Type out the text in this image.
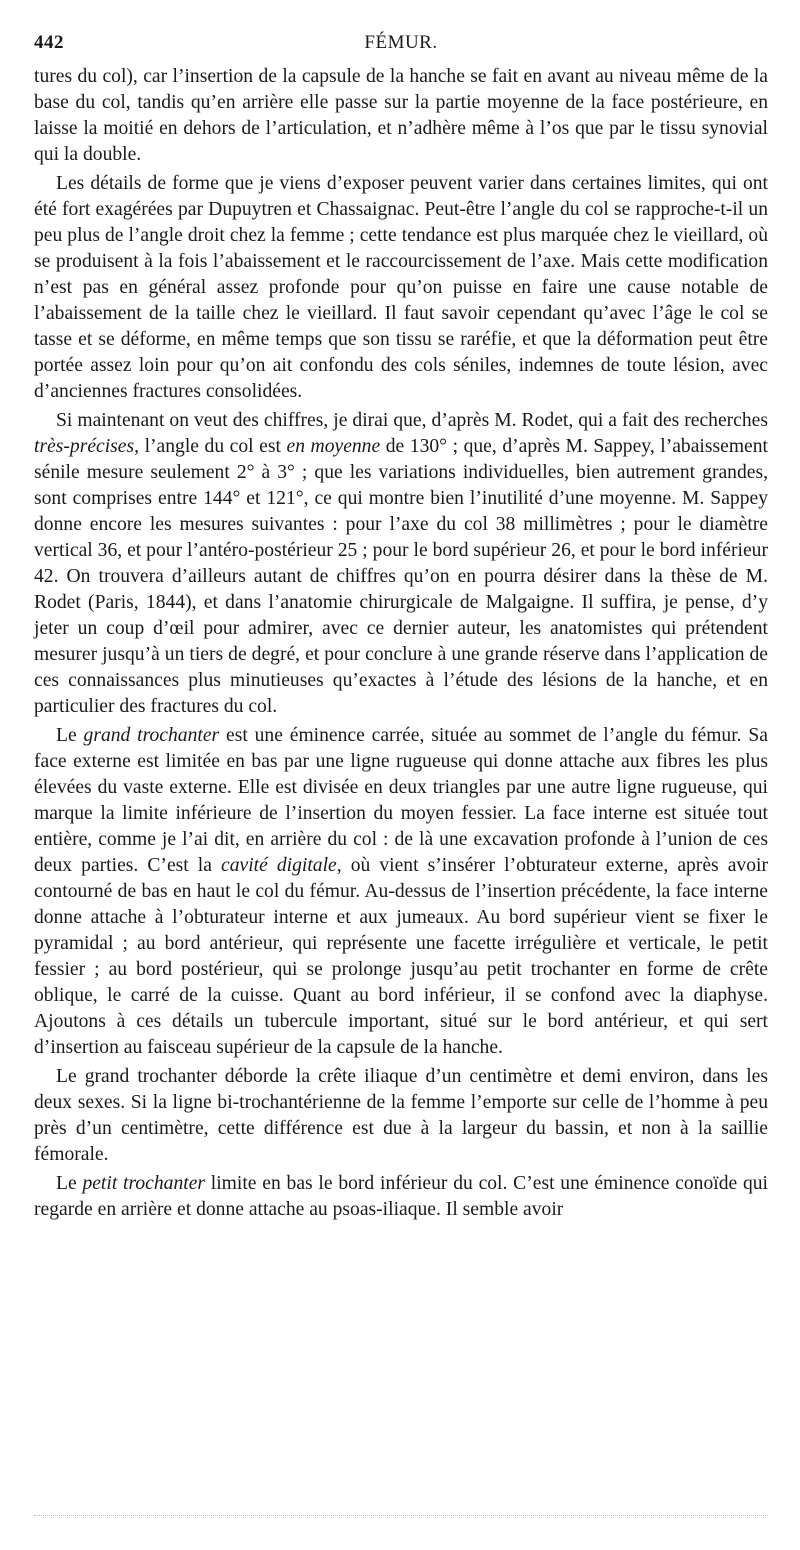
442	FÉMUR.

tures du col), car l’insertion de la capsule de la hanche se fait en avant au niveau même de la base du col, tandis qu’en arrière elle passe sur la partie moyenne de la face postérieure, en laisse la moitié en dehors de l’articulation, et n’adhère même à l’os que par le tissu synovial qui la double.

Les détails de forme que je viens d’exposer peuvent varier dans certaines limites, qui ont été fort exagérées par Dupuytren et Chassaignac. Peut-être l’angle du col se rapproche-t-il un peu plus de l’angle droit chez la femme ; cette tendance est plus marquée chez le vieillard, où se produisent à la fois l’abaissement et le raccourcissement de l’axe. Mais cette modification n’est pas en général assez profonde pour qu’on puisse en faire une cause notable de l’abaissement de la taille chez le vieillard. Il faut savoir cependant qu’avec l’âge le col se tasse et se déforme, en même temps que son tissu se raréfie, et que la déformation peut être portée assez loin pour qu’on ait confondu des cols séniles, indemnes de toute lésion, avec d’anciennes fractures consolidées.

Si maintenant on veut des chiffres, je dirai que, d’après M. Rodet, qui a fait des recherches très-précises, l’angle du col est en moyenne de 130° ; que, d’après M. Sappey, l’abaissement sénile mesure seulement 2° à 3° ; que les variations individuelles, bien autrement grandes, sont comprises entre 144° et 121°, ce qui montre bien l’inutilité d’une moyenne. M. Sappey donne encore les mesures suivantes : pour l’axe du col 38 millimètres ; pour le diamètre vertical 36, et pour l’antéro-postérieur 25 ; pour le bord supérieur 26, et pour le bord inférieur 42. On trouvera d’ailleurs autant de chiffres qu’on en pourra désirer dans la thèse de M. Rodet (Paris, 1844), et dans l’anatomie chirurgicale de Malgaigne. Il suffira, je pense, d’y jeter un coup d’œil pour admirer, avec ce dernier auteur, les anatomistes qui prétendent mesurer jusqu’à un tiers de degré, et pour conclure à une grande réserve dans l’application de ces connaissances plus minutieuses qu’exactes à l’étude des lésions de la hanche, et en particulier des fractures du col.

Le grand trochanter est une éminence carrée, située au sommet de l’angle du fémur. Sa face externe est limitée en bas par une ligne rugueuse qui donne attache aux fibres les plus élevées du vaste externe. Elle est divisée en deux triangles par une autre ligne rugueuse, qui marque la limite inférieure de l’insertion du moyen fessier. La face interne est située tout entière, comme je l’ai dit, en arrière du col : de là une excavation profonde à l’union de ces deux parties. C’est la cavité digitale, où vient s’insérer l’obturateur externe, après avoir contourné de bas en haut le col du fémur. Au-dessus de l’insertion précédente, la face interne donne attache à l’obturateur interne et aux jumeaux. Au bord supérieur vient se fixer le pyramidal ; au bord antérieur, qui représente une facette irrégulière et verticale, le petit fessier ; au bord postérieur, qui se prolonge jusqu’au petit trochanter en forme de crête oblique, le carré de la cuisse. Quant au bord inférieur, il se confond avec la diaphyse. Ajoutons à ces détails un tubercule important, situé sur le bord antérieur, et qui sert d’insertion au faisceau supérieur de la capsule de la hanche.

Le grand trochanter déborde la crête iliaque d’un centimètre et demi environ, dans les deux sexes. Si la ligne bi-trochantérienne de la femme l’emporte sur celle de l’homme à peu près d’un centimètre, cette différence est due à la largeur du bassin, et non à la saillie fémorale.

Le petit trochanter limite en bas le bord inférieur du col. C’est une éminence conoïde qui regarde en arrière et donne attache au psoas-iliaque. Il semble avoir
